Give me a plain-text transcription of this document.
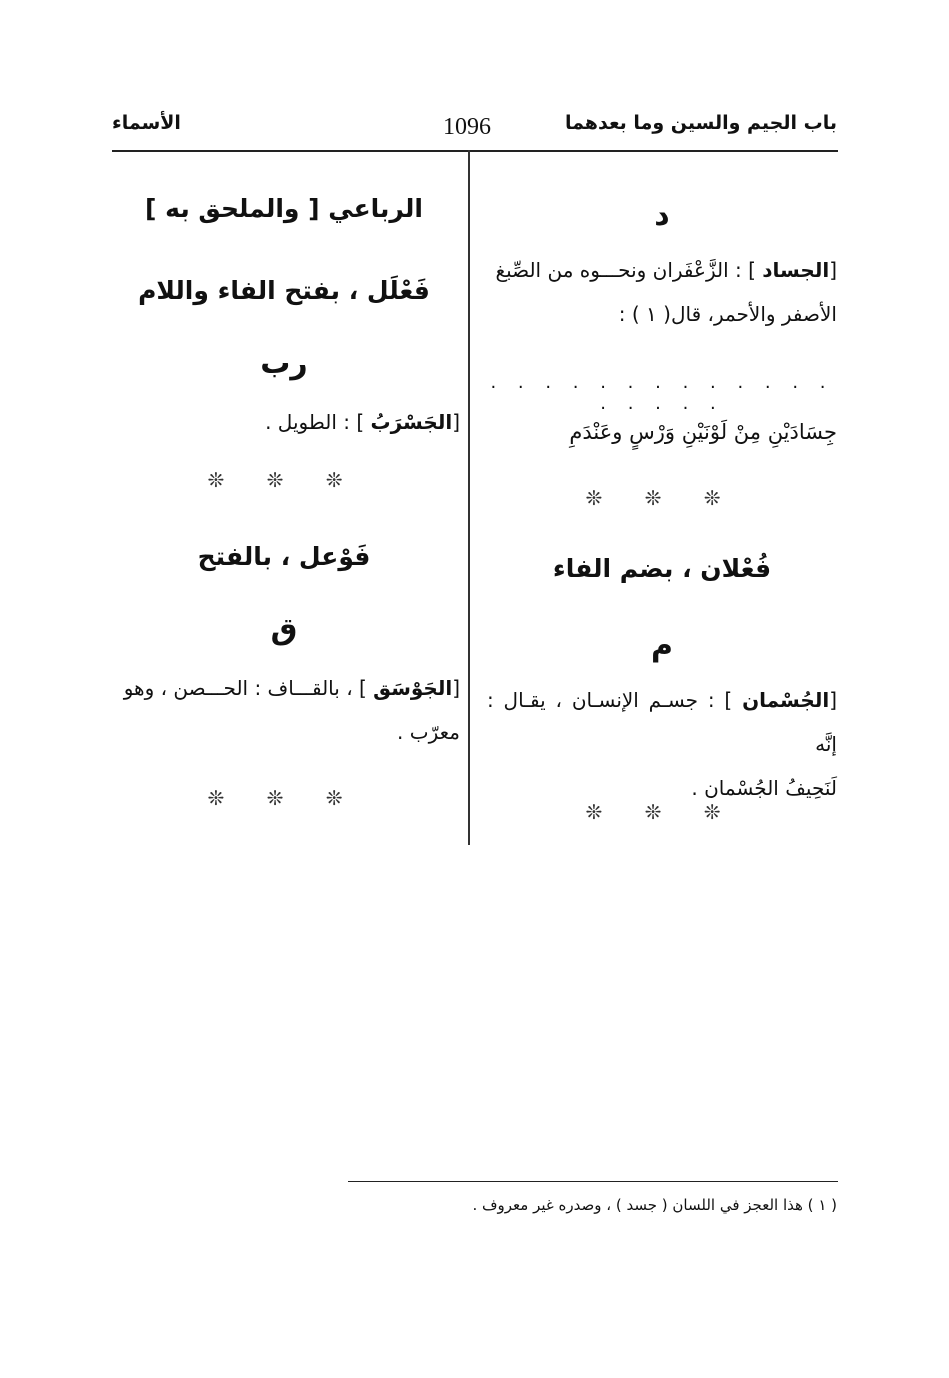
باب الجيم والسين وما بعدهما
1096
الأسماء
د
[الجساد ] : الزَّعْفَران ونحـــوه من الصِّبغ
الأصفر والأحمر، قال( ١ ) :
. . . . . . . . . . . . . . . . . .
جِسَادَيْنِ مِنْ لَوْنَيْنِ وَرْسٍ وعَنْدَمِ
❊ ❊ ❊
فُعْلان ، بضم الفاء
م
[الجُسْمان ] : جسـم الإنسـان ، يقـال : إنَّه
لَنَحِيفُ الجُسْمان .
❊ ❊ ❊
الرباعي [ والملحق به ]
فَعْلَل ، بفتح الفاء واللام
رب
[الجَسْرَبُ ] : الطويل .
❊ ❊ ❊
فَوْعل ، بالفتح
ق
[الجَوْسَق ] ، بالقـــاف : الحـــصن ، وهو
معرّب .
❊ ❊ ❊
( ١ ) هذا العجز في اللسان ( جسد ) ، وصدره غير معروف .
